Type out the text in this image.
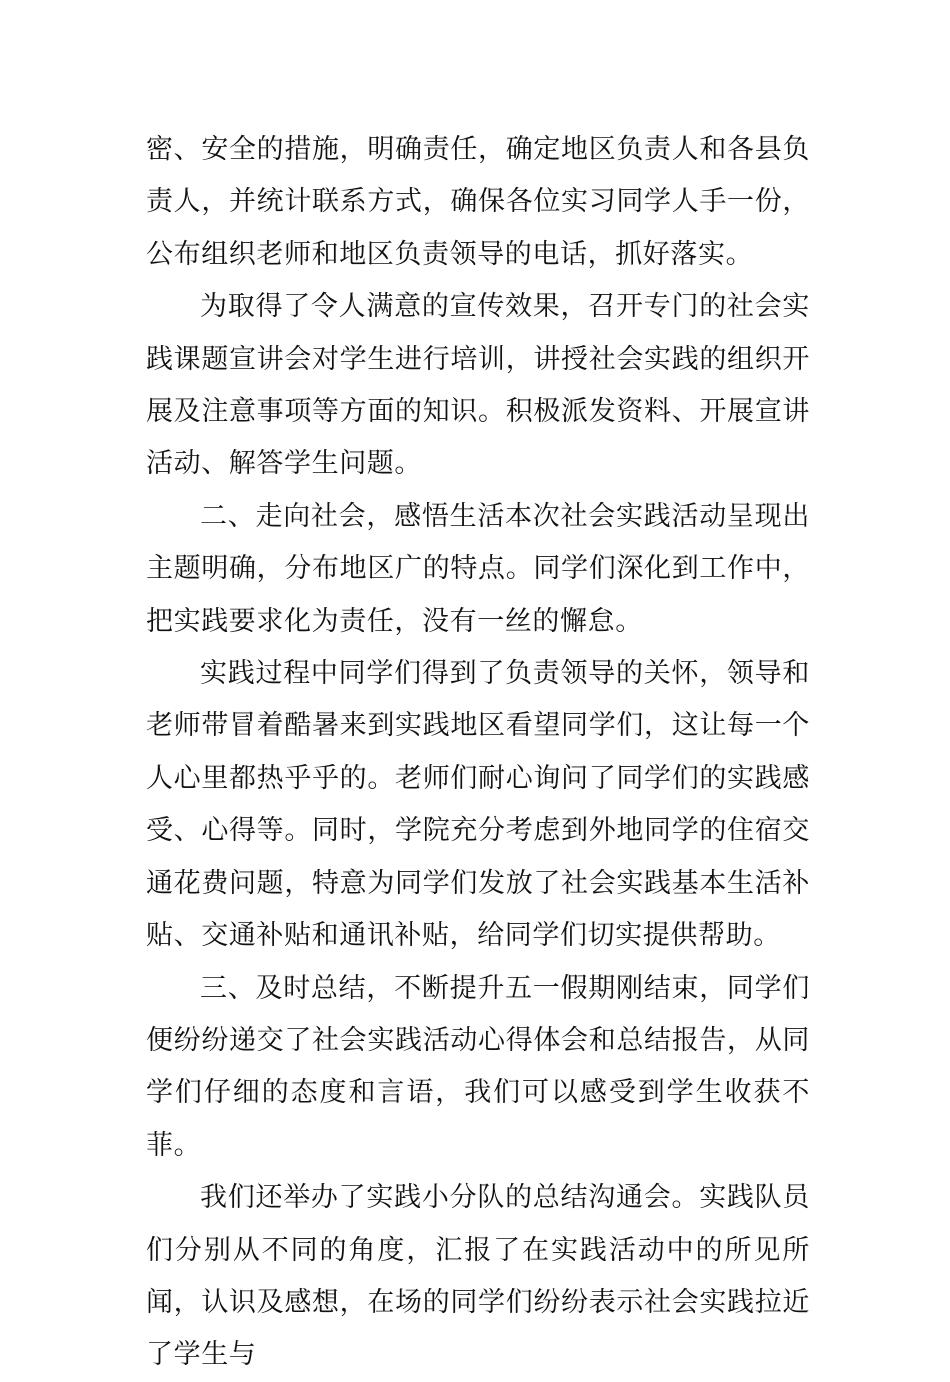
密、安全的措施，明确责任，确定地区负责人和各县负责人，并统计联系方式，确保各位实习同学人手一份，公布组织老师和地区负责领导的电话，抓好落实。

为取得了令人满意的宣传效果，召开专门的社会实践课题宣讲会对学生进行培训，讲授社会实践的组织开展及注意事项等方面的知识。积极派发资料、开展宣讲活动、解答学生问题。

二、走向社会，感悟生活本次社会实践活动呈现出主题明确，分布地区广的特点。同学们深化到工作中，把实践要求化为责任，没有一丝的懈怠。

实践过程中同学们得到了负责领导的关怀，领导和老师带冒着酷暑来到实践地区看望同学们，这让每一个人心里都热乎乎的。老师们耐心询问了同学们的实践感受、心得等。同时，学院充分考虑到外地同学的住宿交通花费问题，特意为同学们发放了社会实践基本生活补贴、交通补贴和通讯补贴，给同学们切实提供帮助。

三、及时总结，不断提升五一假期刚结束，同学们便纷纷递交了社会实践活动心得体会和总结报告，从同学们仔细的态度和言语，我们可以感受到学生收获不菲。

我们还举办了实践小分队的总结沟通会。实践队员们分别从不同的角度，汇报了在实践活动中的所见所闻，认识及感想，在场的同学们纷纷表示社会实践拉近了学生与
